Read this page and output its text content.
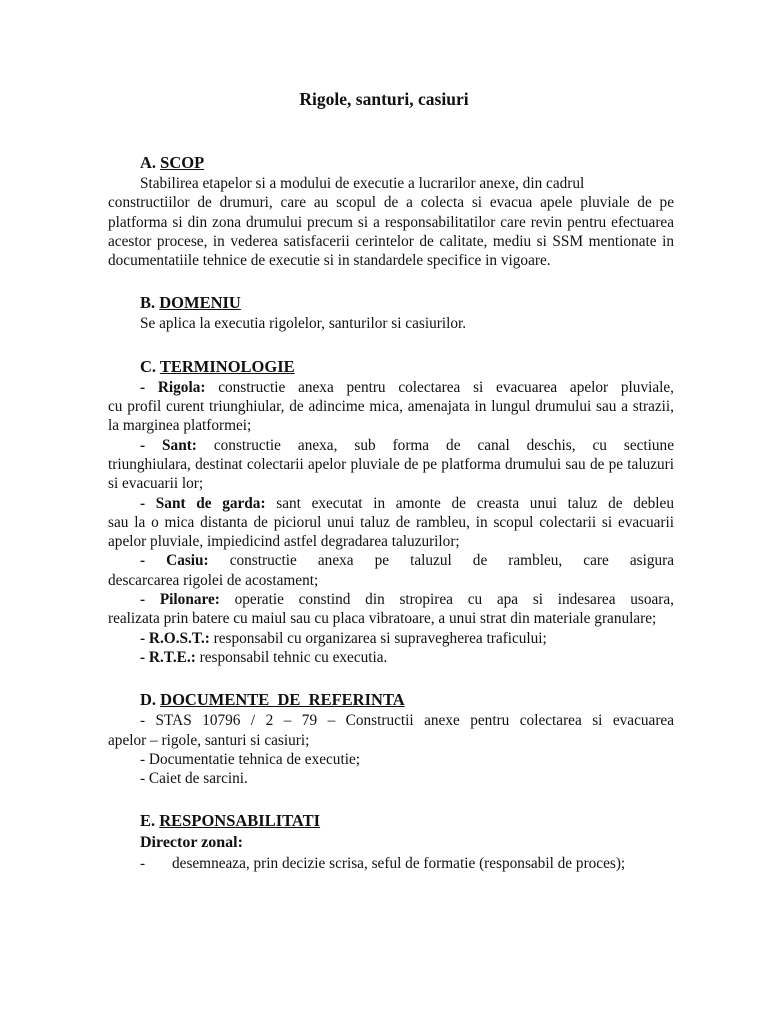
Rigole, santuri, casiuri

A. SCOP

Stabilirea etapelor si a modului de executie a lucrarilor anexe, din cadrul

constructiilor de drumuri, care au scopul de a colecta si evacua apele pluviale de pe platforma si din zona drumului precum si a responsabilitatilor care revin pentru efectuarea acestor procese, in vederea satisfacerii cerintelor de calitate, mediu si SSM mentionate in documentatiile tehnice de executie si in standardele specifice in vigoare.

B. DOMENIU

Se aplica la executia rigolelor, santurilor si casiurilor.

C. TERMINOLOGIE

- Rigola: constructie anexa pentru colectarea si evacuarea apelor pluviale,

cu profil curent triunghiular, de adincime mica, amenajata in lungul drumului sau a strazii, la marginea platformei;

- Sant: constructie anexa, sub forma de canal deschis, cu sectiune

triunghiulara, destinat colectarii apelor pluviale de pe platforma drumului sau de pe taluzuri si evacuarii lor;

- Sant de garda: sant executat in amonte de creasta unui taluz de debleu

sau la o mica distanta de piciorul unui taluz de rambleu, in scopul colectarii si evacuarii apelor pluviale, impiedicind astfel degradarea taluzurilor;

- Casiu: constructie anexa pe taluzul de rambleu, care asigura

descarcarea rigolei de acostament;

- Pilonare: operatie constind din stropirea cu apa si indesarea usoara,

realizata prin batere cu maiul sau cu placa vibratoare, a unui strat din materiale granulare;

- R.O.S.T.: responsabil cu organizarea si supravegherea traficului;

- R.T.E.: responsabil tehnic cu executia.

D. DOCUMENTE  DE  REFERINTA

- STAS 10796 / 2 – 79 – Constructii anexe pentru colectarea si evacuarea

apelor – rigole, santuri si casiuri;

- Documentatie tehnica de executie;

- Caiet de sarcini.

E. RESPONSABILITATI

Director zonal:

-	desemneaza, prin decizie scrisa, seful de formatie (responsabil de proces);
